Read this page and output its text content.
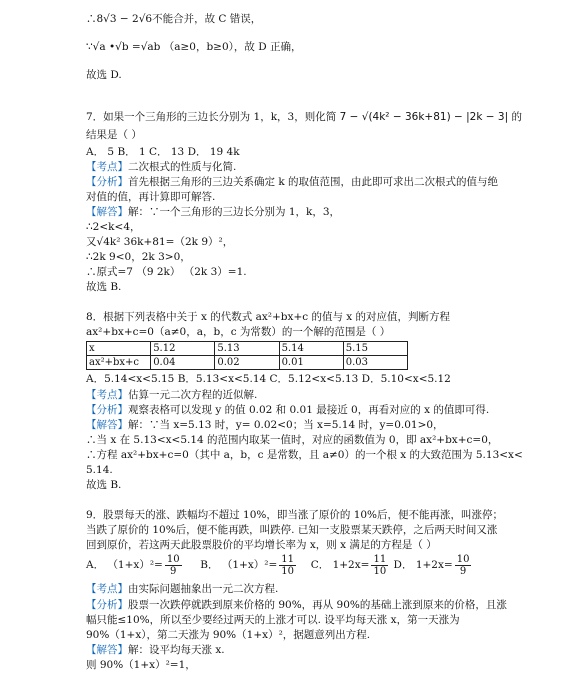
∴8√3 − 2√6不能合并，故 C 错误，
∵√a •√b =√ab （a≥0，b≥0），故 D 正确，
故选 D.
7．如果一个三角形的三边长分别为 1，k，3，则化简 7 − √(4k² − 36k+81) − |2k − 3| 的
结果是（ ）
A． 5 B． 1 C． 13 D． 19 4k
【考点】二次根式的性质与化简.
【分析】首先根据三角形的三边关系确定 k 的取值范围，由此即可求出二次根式的值与绝
对值的值，再计算即可解答.
【解答】解：∵一个三角形的三边长分别为 1，k，3，
∴2<k<4，
又√4k² 36k+81=（2k 9）²，
∴2k 9<0，2k 3>0，
∴原式=7 （9 2k） （2k 3）=1.
故选 B.
8．根据下列表格中关于 x 的代数式 ax²+bx+c 的值与 x 的对应值，判断方程
ax²+bx+c=0（a≠0，a，b，c 为常数）的一个解的范围是（ ）
x	5.12	5.13	5.14	5.15
ax²+bx+c	0.04	0.02	0.01	0.03
A．5.14<x<5.15 B．5.13<x<5.14 C．5.12<x<5.13 D．5.10<x<5.12
【考点】估算一元二次方程的近似解.
【分析】观察表格可以发现 y 的值 0.02 和 0.01 最接近 0，再看对应的 x 的值即可得.
【解答】解：∵当 x=5.13 时，y= 0.02<0；当 x=5.14 时，y=0.01>0，
∴当 x 在 5.13<x<5.14 的范围内取某一值时，对应的函数值为 0，即 ax²+bx+c=0，
∴方程 ax²+bx+c=0（其中 a，b，c 是常数，且 a≠0）的一个根 x 的大致范围为 5.13<x<
5.14.
故选 B.
9．股票每天的涨、跌幅均不超过 10%，即当涨了原价的 10%后，便不能再涨，叫涨停；
当跌了原价的 10%后，便不能再跌，叫跌停. 已知一支股票某天跌停，之后两天时间又涨
回到原价，若这两天此股票股价的平均增长率为 x，则 x 满足的方程是（ ）
A． $(1+x)^2= \frac{10}{9}$ B． $(1+x)^2= \frac{11}{10}$ C． $1+2x= \frac{11}{10}$ D． $1+2x= \frac{10}{9}$
【考点】由实际问题抽象出一元二次方程.
【分析】股票一次跌停就跌到原来价格的 90%，再从 90%的基础上涨到原来的价格，且涨
幅只能≤10%，所以至少要经过两天的上涨才可以. 设平均每天涨 x，第一天涨为
90%（1+x），第二天涨为 90%（1+x）²，据题意列出方程.
【解答】解：设平均每天涨 x.
则 90%（1+x）²=1，
